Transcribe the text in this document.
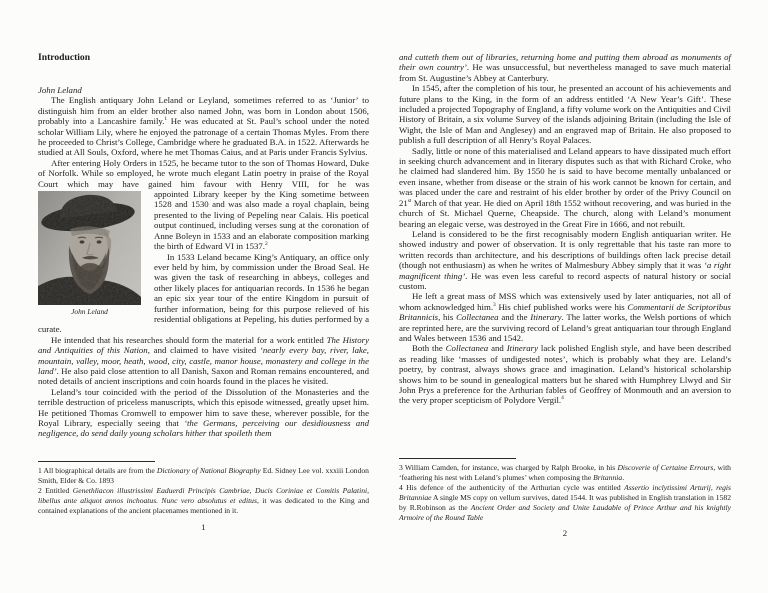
Introduction

John Leland

The English antiquary John Leland or Leyland, sometimes referred to as ‘Junior’ to distinguish him from an elder brother also named John, was born in London about 1506, probably into a Lancashire family.$^1$ He was educated at St. Paul’s school under the noted scholar William Lily, where he enjoyed the patronage of a certain Thomas Myles. From there he proceeded to Christ’s College, Cambridge where he graduated B.A. in 1522. Afterwards he studied at All Souls, Oxford, where he met Thomas Caius, and at Paris under Francis Sylvius.

After entering Holy Orders in 1525, he became tutor to the son of Thomas Howard, Duke of Norfolk. While so employed, he wrote much elegant Latin poetry in praise of the Royal Court which may have gained him favour with Henry VIII, for he was

John Leland
appointed Library keeper by the King sometime between 1528 and 1530 and was also made a royal chaplain, being presented to the living of Pepeling near Calais. His poetical output continued, including verses sung at the coronation of Anne Boleyn in 1533 and an elaborate composition marking the birth of Edward VI in 1537.$^2$

In 1533 Leland became King’s Antiquary, an office only ever held by him, by commission under the Broad Seal. He was given the task of researching in abbeys, colleges and other likely places for antiquarian records. In 1536 he began an epic six year tour of the entire Kingdom in pursuit of further information, being for this purpose relieved of his residential obligations at Pepeling, his duties performed by a curate.

He intended that his researches should form the material for a work entitled The History and Antiquities of this Nation, and claimed to have visited ‘nearly every bay, river, lake, mountain, valley, moor, heath, wood, city, castle, manor house, monastery and college in the land’. He also paid close attention to all Danish, Saxon and Roman remains encountered, and noted details of ancient inscriptions and coin hoards found in the places he visited.

Leland’s tour coincided with the period of the Dissolution of the Monasteries and the terrible destruction of priceless manuscripts, which this episode witnessed, greatly upset him. He petitioned Thomas Cromwell to empower him to save these, wherever possible, for the Royal Library, especially seeing that ‘the Germans, perceiving our desidiousness and negligence, do send daily young scholars hither that spoileth them

1 All biographical details are from the Dictionary of National Biography Ed. Sidney Lee vol. xxxiii London Smith, Elder & Co. 1893

2 Entitled Genethliacon illustrissimi Eaduerdi Principis Cambriae, Ducis Coriniae et Comitis Palatini, libellus ante aliquot annos inchoatus. Nunc vero absolutus et editus, it was dedicated to the King and contained explanations of the ancient placenames mentioned in it.

1

and cutteth them out of libraries, returning home and putting them abroad as monuments of their own country’. He was unsuccessful, but nevertheless managed to save much material from St. Augustine’s Abbey at Canterbury.

In 1545, after the completion of his tour, he presented an account of his achievements and future plans to the King, in the form of an address entitled ‘A New Year’s Gift’. These included a projected Topography of England, a fifty volume work on the Antiquities and Civil History of Britain, a six volume Survey of the islands adjoining Britain (including the Isle of Wight, the Isle of Man and Anglesey) and an engraved map of Britain. He also proposed to publish a full description of all Henry’s Royal Palaces.

Sadly, little or none of this materialised and Leland appears to have dissipated much effort in seeking church advancement and in literary disputes such as that with Richard Croke, who he claimed had slandered him. By 1550 he is said to have become mentally unbalanced or even insane, whether from disease or the strain of his work cannot be known for certain, and was placed under the care and restraint of his elder brother by order of the Privy Council on 21st March of that year. He died on April 18th 1552 without recovering, and was buried in the church of St. Michael Querne, Cheapside. The church, along with Leland’s monument bearing an elegaic verse, was destroyed in the Great Fire in 1666, and not rebuilt.

Leland is considered to be the first recognisably modern English antiquarian writer. He showed industry and power of observation. It is only regrettable that his taste ran more to written records than architecture, and his descriptions of buildings often lack precise detail (though not enthusiasm) as when he writes of Malmesbury Abbey simply that it was ‘a right magnificent thing’. He was even less careful to record aspects of natural history or social custom.

He left a great mass of MSS which was extensively used by later antiquaries, not all of whom acknowledged him.$^3$ His chief published works were his Commentarii de Scriptoribus Britannicis, his Collectanea and the Itinerary. The latter works, the Welsh portions of which are reprinted here, are the surviving record of Leland’s great antiquarian tour through England and Wales between 1536 and 1542.

Both the Collectanea and Itinerary lack polished English style, and have been described as reading like ‘masses of undigested notes’, which is probably what they are. Leland’s poetry, by contrast, always shows grace and imagination. Leland’s historical scholarship shows him to be sound in genealogical matters but he shared with Humphrey Llwyd and Sir John Prys a preference for the Arthurian fables of Geoffrey of Monmouth and an aversion to the very proper scepticism of Polydore Vergil.$^4$

3 William Camden, for instance, was charged by Ralph Brooke, in his Discoverie of Certaine Errours, with ‘feathering his nest with Leland’s plumes’ when composing the Britannia.

4 His defence of the authenticity of the Arthurian cycle was entitled Assertio inclytissimi Arturij, regis Britanniae A single MS copy on vellum survives, dated 1544. It was published in English translation in 1582 by R.Robinson as the Ancient Order and Society and Unite Laudable of Prince Arthur and his knightly Armoire of the Round Table

2
